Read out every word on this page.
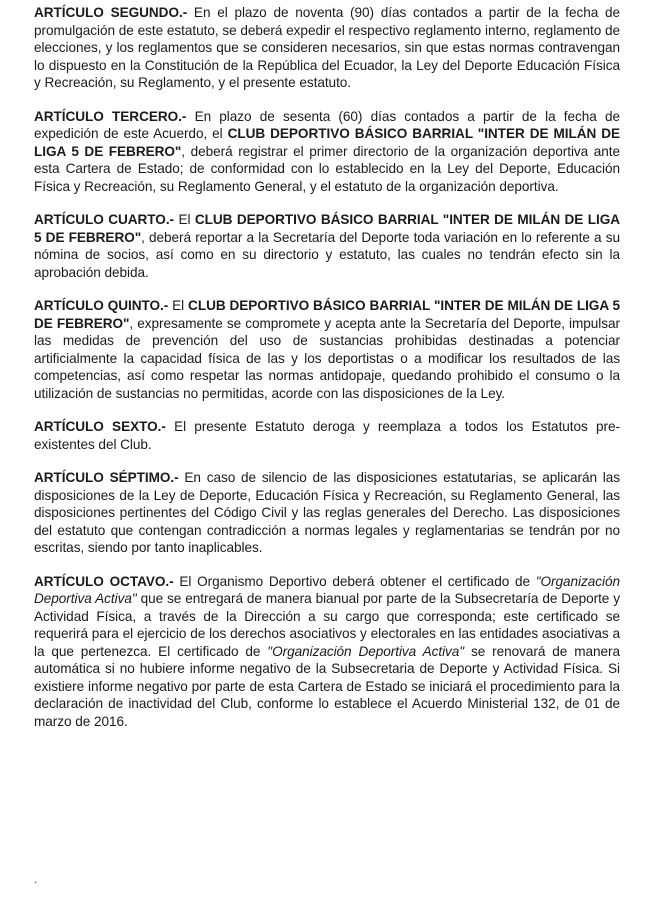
ARTÍCULO SEGUNDO.- En el plazo de noventa (90) días contados a partir de la fecha de promulgación de este estatuto, se deberá expedir el respectivo reglamento interno, reglamento de elecciones, y los reglamentos que se consideren necesarios, sin que estas normas contravengan lo dispuesto en la Constitución de la República del Ecuador, la Ley del Deporte Educación Física y Recreación, su Reglamento, y el presente estatuto.

ARTÍCULO TERCERO.- En plazo de sesenta (60) días contados a partir de la fecha de expedición de este Acuerdo, el CLUB DEPORTIVO BÁSICO BARRIAL "INTER DE MILÁN DE LIGA 5 DE FEBRERO", deberá registrar el primer directorio de la organización deportiva ante esta Cartera de Estado; de conformidad con lo establecido en la Ley del Deporte, Educación Física y Recreación, su Reglamento General, y el estatuto de la organización deportiva.

ARTÍCULO CUARTO.- El CLUB DEPORTIVO BÁSICO BARRIAL "INTER DE MILÁN DE LIGA 5 DE FEBRERO", deberá reportar a la Secretaría del Deporte toda variación en lo referente a su nómina de socios, así como en su directorio y estatuto, las cuales no tendrán efecto sin la aprobación debida.

ARTÍCULO QUINTO.- El CLUB DEPORTIVO BÁSICO BARRIAL "INTER DE MILÁN DE LIGA 5 DE FEBRERO", expresamente se compromete y acepta ante la Secretaría del Deporte, impulsar las medidas de prevención del uso de sustancias prohibidas destinadas a potenciar artificialmente la capacidad física de las y los deportistas o a modificar los resultados de las competencias, así como respetar las normas antidopaje, quedando prohibido el consumo o la utilización de sustancias no permitidas, acorde con las disposiciones de la Ley.

ARTÍCULO SEXTO.- El presente Estatuto deroga y reemplaza a todos los Estatutos pre-existentes del Club.

ARTÍCULO SÉPTIMO.- En caso de silencio de las disposiciones estatutarias, se aplicarán las disposiciones de la Ley de Deporte, Educación Física y Recreación, su Reglamento General, las disposiciones pertinentes del Código Civil y las reglas generales del Derecho. Las disposiciones del estatuto que contengan contradicción a normas legales y reglamentarias se tendrán por no escritas, siendo por tanto inaplicables.

ARTÍCULO OCTAVO.- El Organismo Deportivo deberá obtener el certificado de "Organización Deportiva Activa" que se entregará de manera bianual por parte de la Subsecretaría de Deporte y Actividad Física, a través de la Dirección a su cargo que corresponda; este certificado se requerirá para el ejercicio de los derechos asociativos y electorales en las entidades asociativas a la que pertenezca. El certificado de "Organización Deportiva Activa" se renovará de manera automática si no hubiere informe negativo de la Subsecretaria de Deporte y Actividad Física. Si existiere informe negativo por parte de esta Cartera de Estado se iniciará el procedimiento para la declaración de inactividad del Club, conforme lo establece el Acuerdo Ministerial 132, de 01 de marzo de 2016.

.
